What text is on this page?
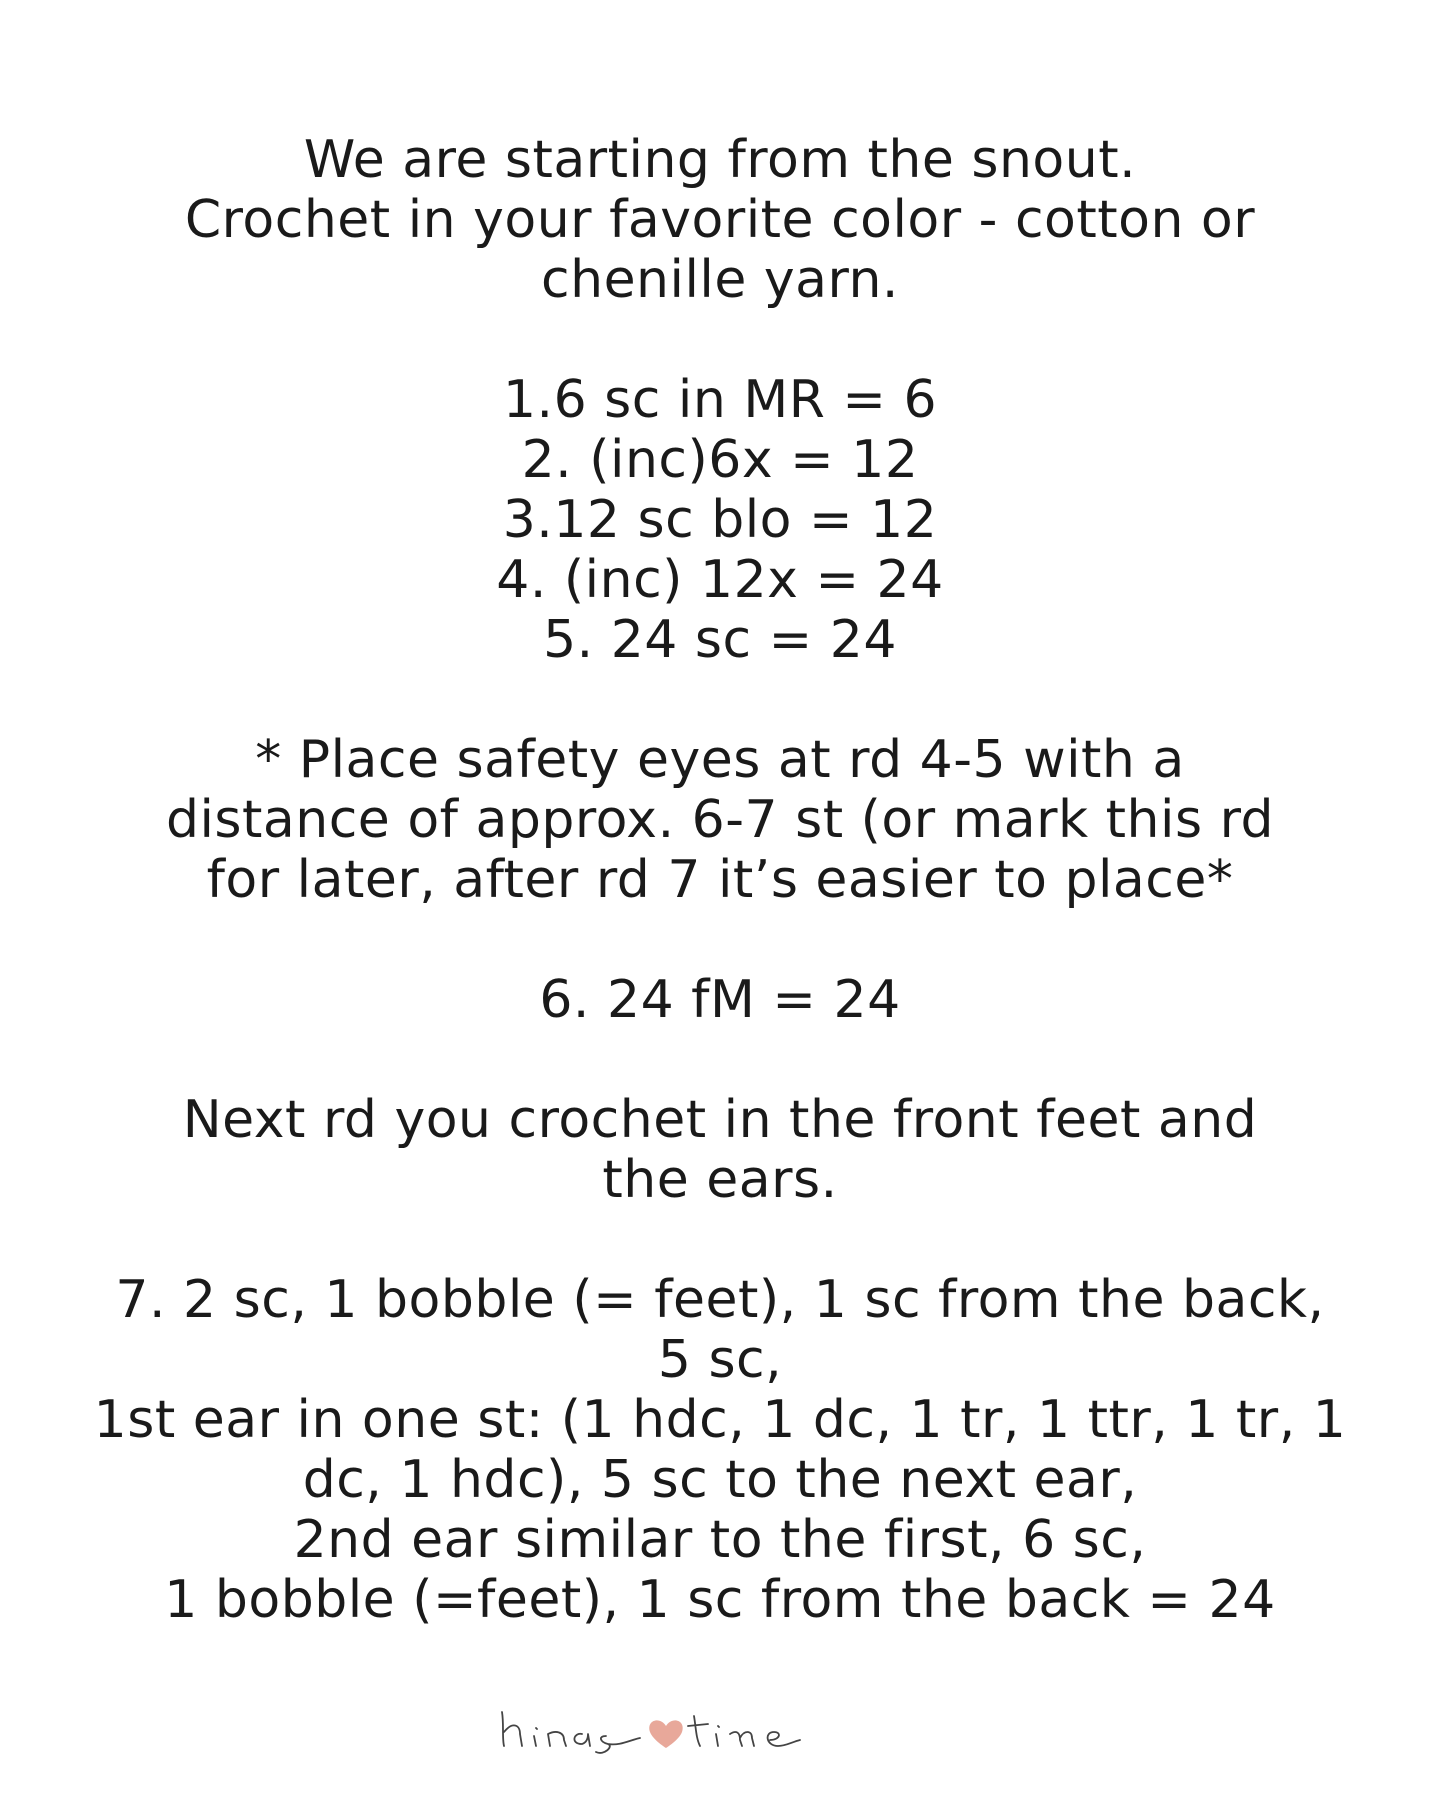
We are starting from the snout.
Crochet in your favorite color - cotton or
chenille yarn.
1.6 sc in MR = 6
2. (inc)6x = 12
3.12 sc blo = 12
4. (inc) 12x = 24
5. 24 sc = 24
* Place safety eyes at rd 4-5 with a
distance of approx. 6-7 st (or mark this rd
for later, after rd 7 it’s easier to place*
6. 24 fM = 24
Next rd you crochet in the front feet and
the ears.
7. 2 sc, 1 bobble (= feet), 1 sc from the back,
5 sc,
1st ear in one st: (1 hdc, 1 dc, 1 tr, 1 ttr, 1 tr, 1
dc, 1 hdc), 5 sc to the next ear,
2nd ear similar to the first, 6 sc,
1 bobble (=feet), 1 sc from the back = 24
